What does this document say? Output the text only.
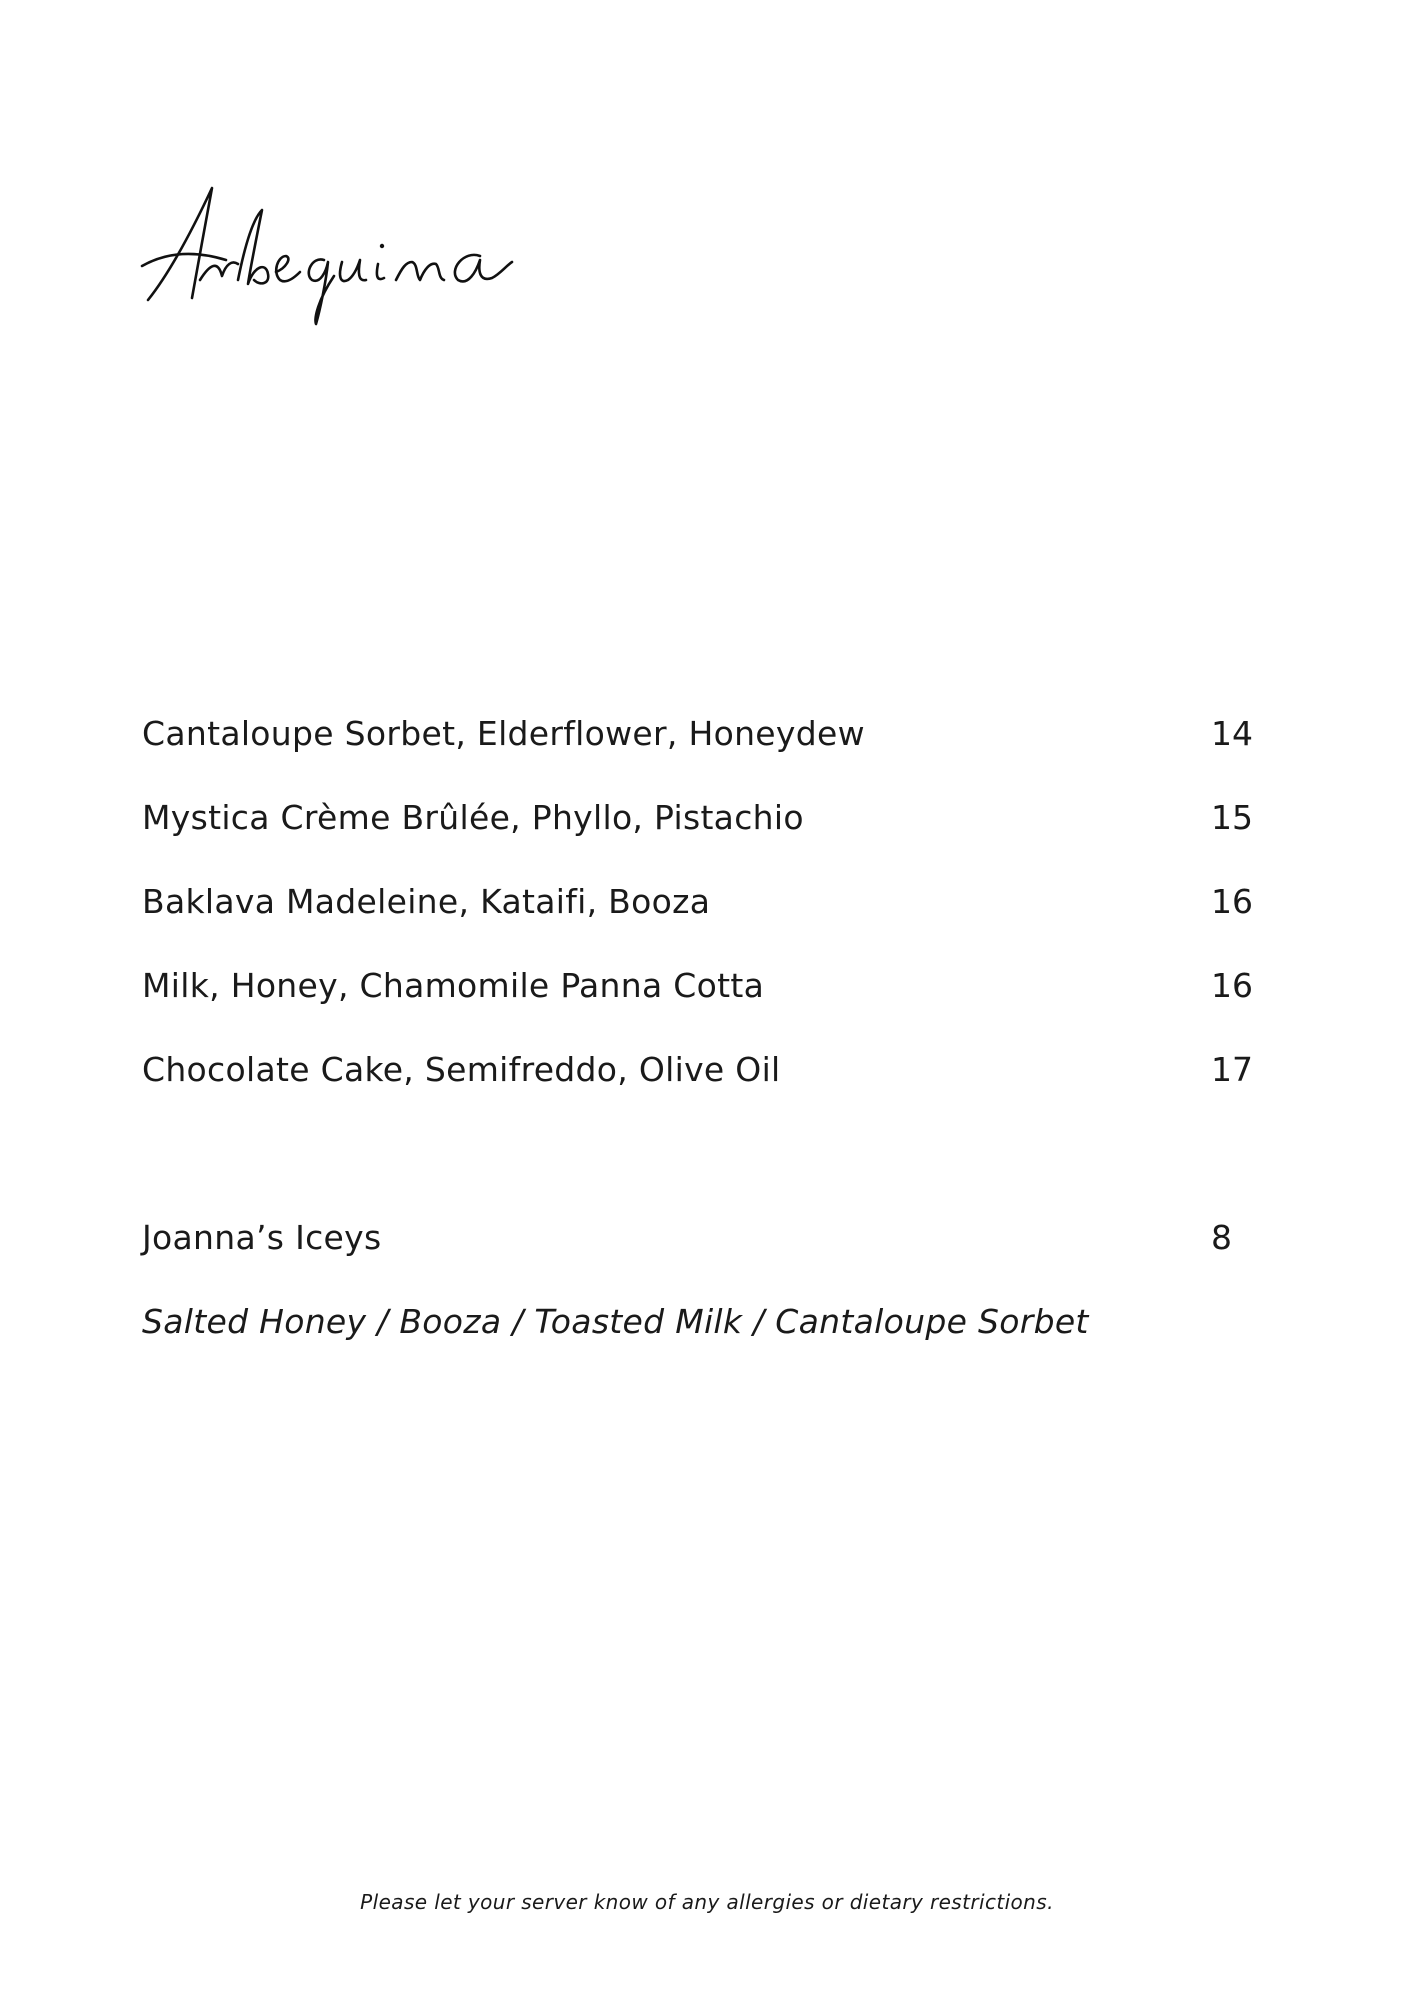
Cantaloupe Sorbet, Elderflower, Honeydew	14
Mystica Crème Brûlée, Phyllo, Pistachio	15
Baklava Madeleine, Kataifi, Booza	16
Milk, Honey, Chamomile Panna Cotta	16
Chocolate Cake, Semifreddo, Olive Oil	17
Joanna’s Iceys	8
Salted Honey / Booza / Toasted Milk / Cantaloupe Sorbet
Please let your server know of any allergies or dietary restrictions.
